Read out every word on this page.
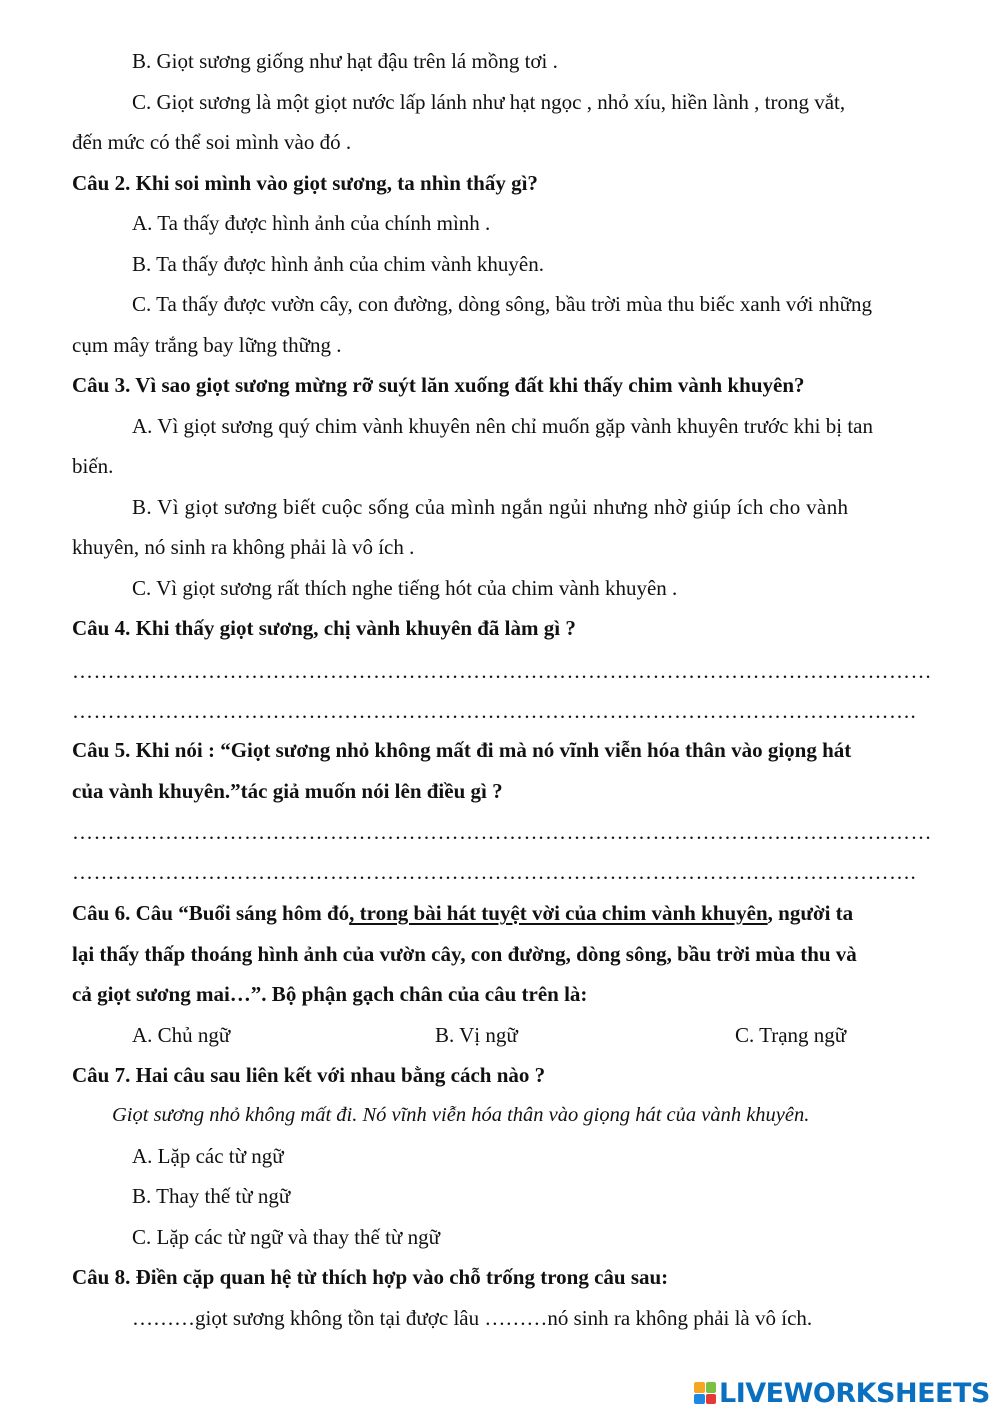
B. Giọt sương giống như hạt đậu trên lá mồng tơi .
C. Giọt sương là một giọt nước lấp lánh như hạt ngọc , nhỏ xíu, hiền lành , trong vắt,
đến mức có thể soi mình vào đó .
Câu 2. Khi soi mình vào giọt sương, ta nhìn thấy gì?
A. Ta thấy được hình ảnh của chính mình .
B. Ta thấy được hình ảnh của chim vành khuyên.
C. Ta thấy được vườn cây, con đường, dòng sông, bầu trời mùa thu biếc xanh với những
cụm mây trắng bay lững thững .
Câu 3. Vì sao giọt sương mừng rỡ suýt lăn xuống đất khi thấy chim vành khuyên?
A. Vì giọt sương quý chim vành khuyên nên chỉ muốn gặp vành khuyên trước khi bị tan
biến.
B. Vì giọt sương biết cuộc sống của mình ngắn ngủi nhưng nhờ giúp ích cho vành
khuyên, nó sinh ra không phải là vô ích .
C. Vì giọt sương rất thích nghe tiếng hót của chim vành khuyên .
Câu 4. Khi thấy giọt sương, chị vành khuyên đã làm gì ?
…………………………………………………………………………………………………………
……………………………………………………………………………………………………….
Câu 5. Khi nói : “Giọt sương nhỏ không mất đi mà nó vĩnh viễn hóa thân vào giọng hát
của vành khuyên.”tác giả muốn nói lên điều gì ?
…………………………………………………………………………………………………………
……………………………………………………………………………………………………….
Câu 6. Câu “Buổi sáng hôm đó, trong bài hát tuyệt vời của chim vành khuyên, người ta
lại thấy thấp thoáng hình ảnh của vườn cây, con đường, dòng sông, bầu trời mùa thu và
cả giọt sương mai…”. Bộ phận gạch chân của câu trên là:
A. Chủ ngữ	B. Vị ngữ	C. Trạng ngữ
Câu 7. Hai câu sau liên kết với nhau bằng cách nào ?
Giọt sương nhỏ không mất đi. Nó vĩnh viễn hóa thân vào giọng hát của vành khuyên.
A. Lặp các từ ngữ
B. Thay thế từ ngữ
C. Lặp các từ ngữ và thay thế từ ngữ
Câu 8. Điền cặp quan hệ từ thích hợp vào chỗ trống trong câu sau:
………giọt sương không tồn tại được lâu ………nó sinh ra không phải là vô ích.
LIVEWORKSHEETS
